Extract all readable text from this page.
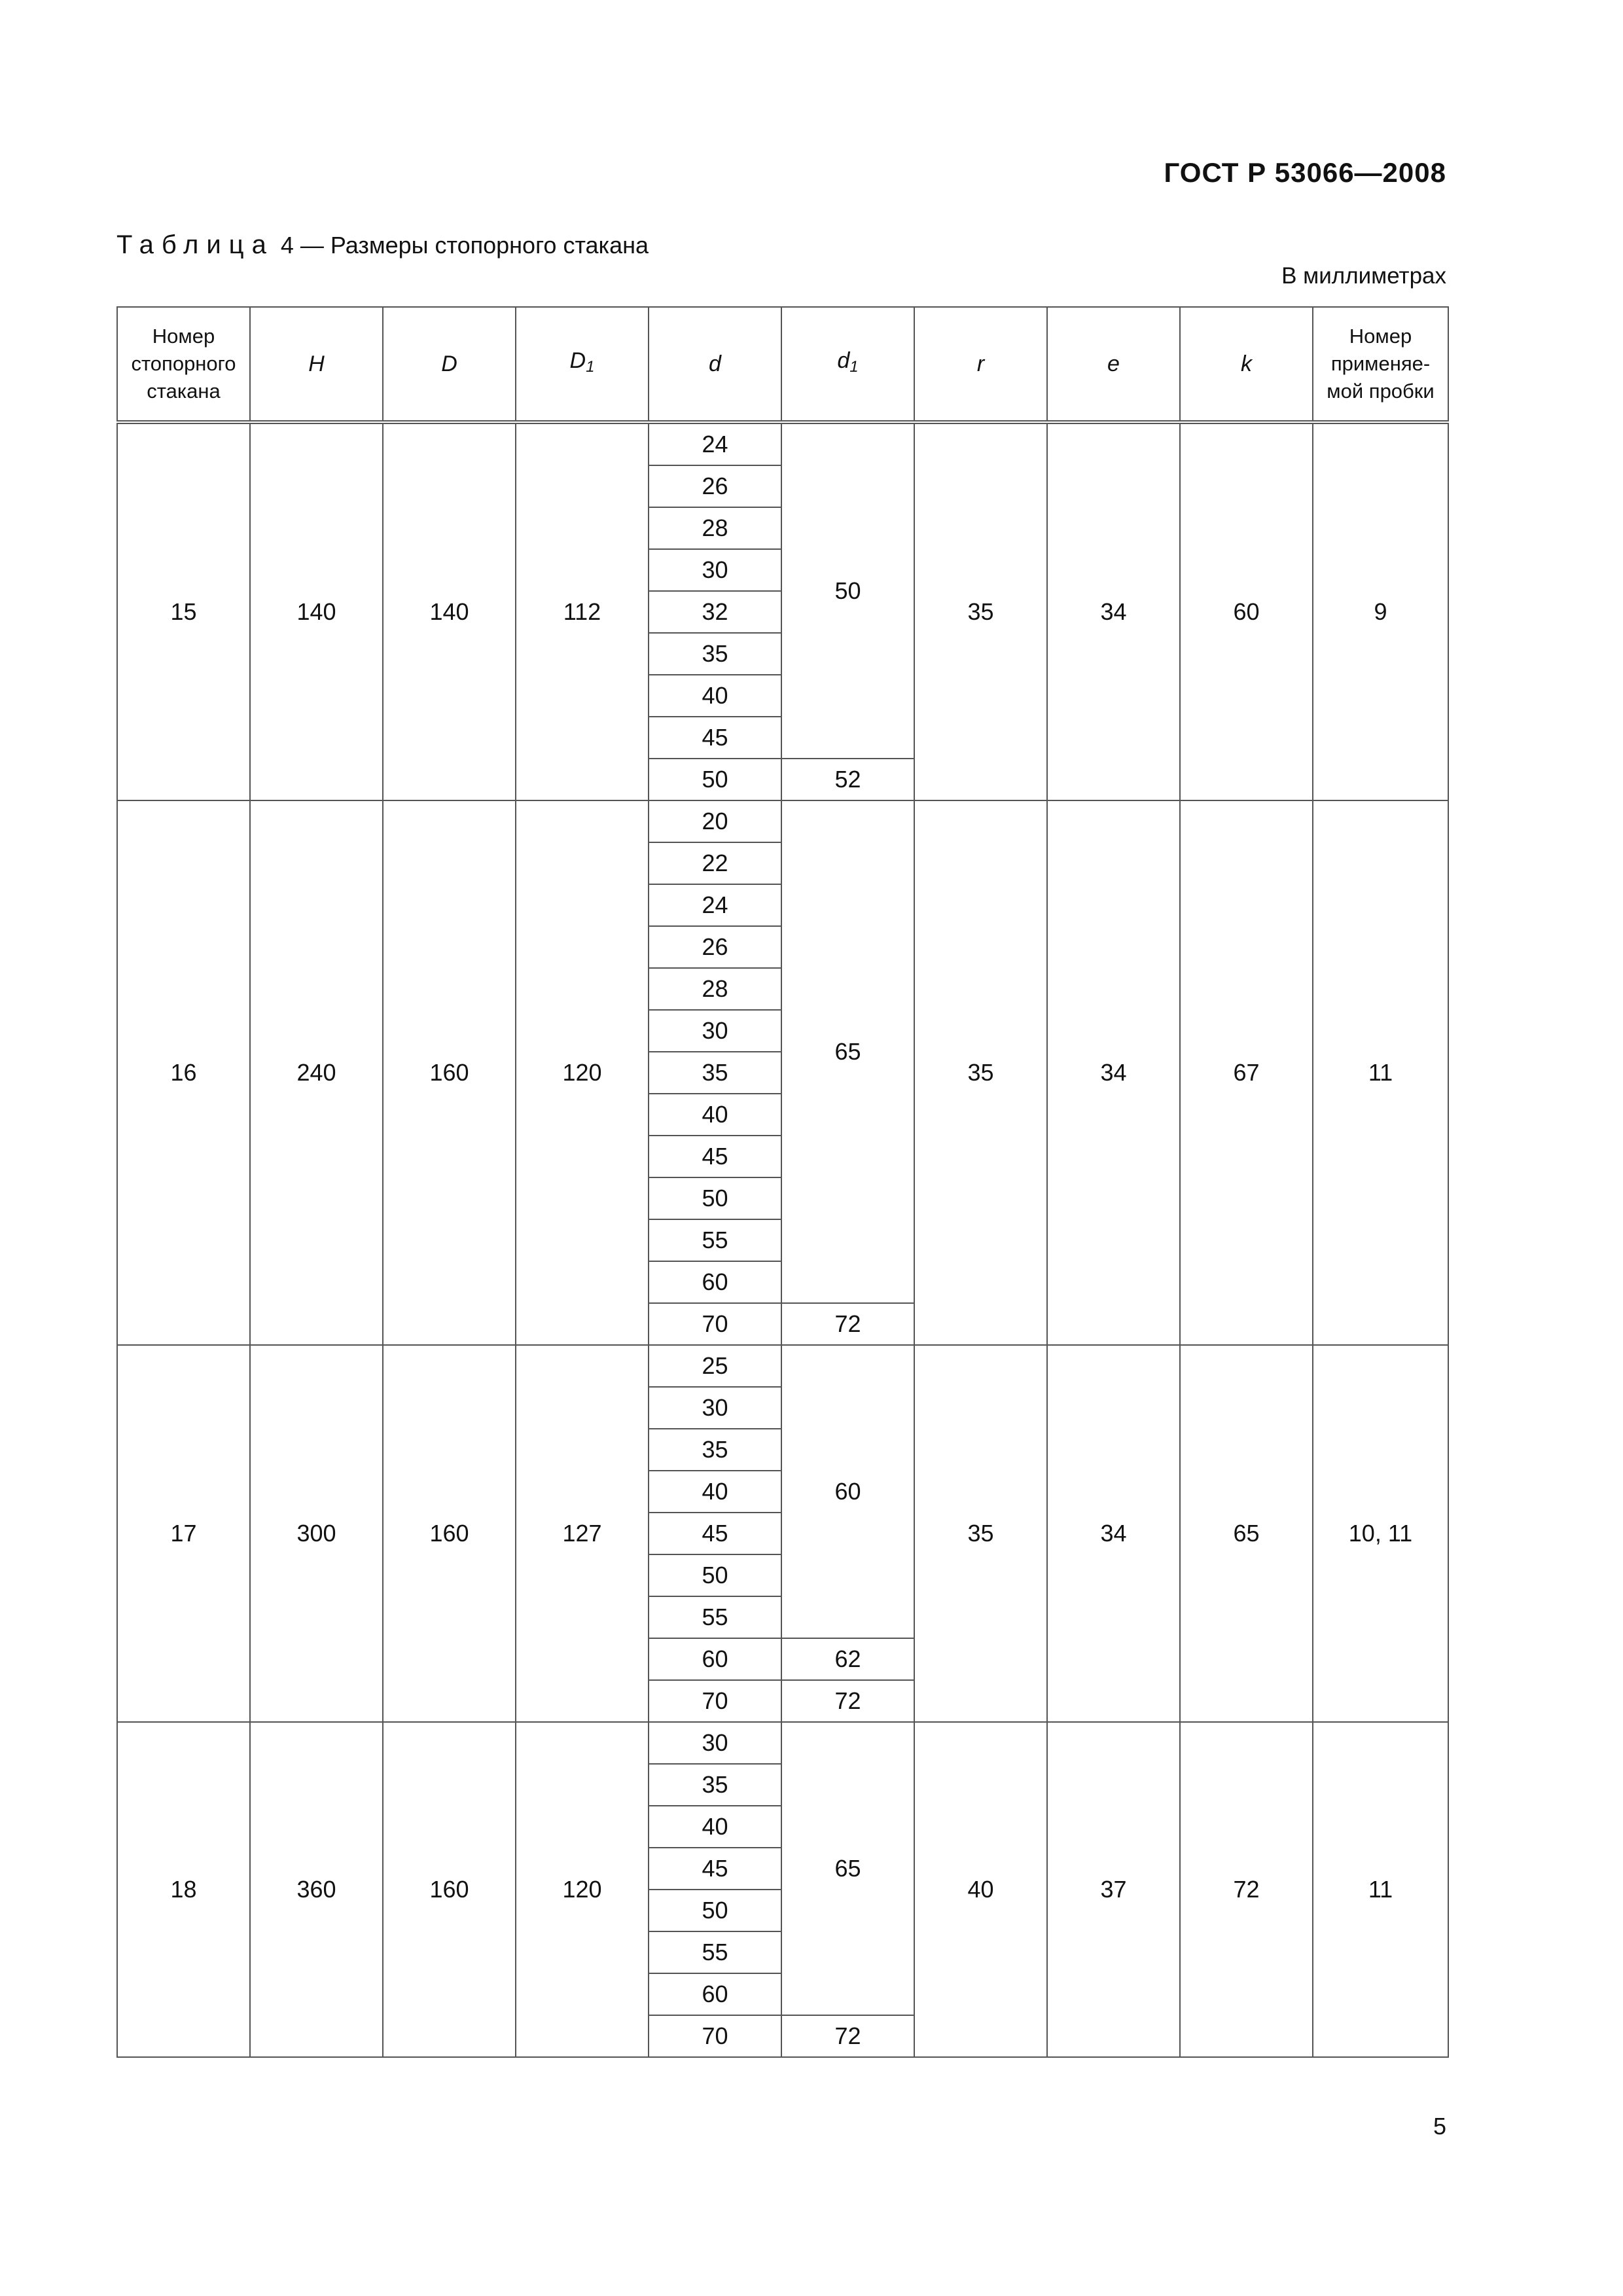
ГОСТ Р 53066—2008
Таблица 4 — Размеры стопорного стакана
В миллиметрах
Номер стопорного стакана	H	D	$D_1$	d	$d_1$	r	e	k	Номер применяе-мой пробки
15	140	140	112	24	50	35	34	60	9
				26					
				28					
				30					
				32					
				35					
				40					
				45					
				50	52				
16	240	160	120	20	65	35	34	67	11
				22					
				24					
				26					
				28					
				30					
				35					
				40					
				45					
				50					
				55					
				60					
				70	72				
17	300	160	127	25	60	35	34	65	10, 11
				30					
				35					
				40					
				45					
				50					
				55					
				60	62				
				70	72				
18	360	160	120	30	65	40	37	72	11
				35					
				40					
				45					
				50					
				55					
				60					
				70	72				
5
